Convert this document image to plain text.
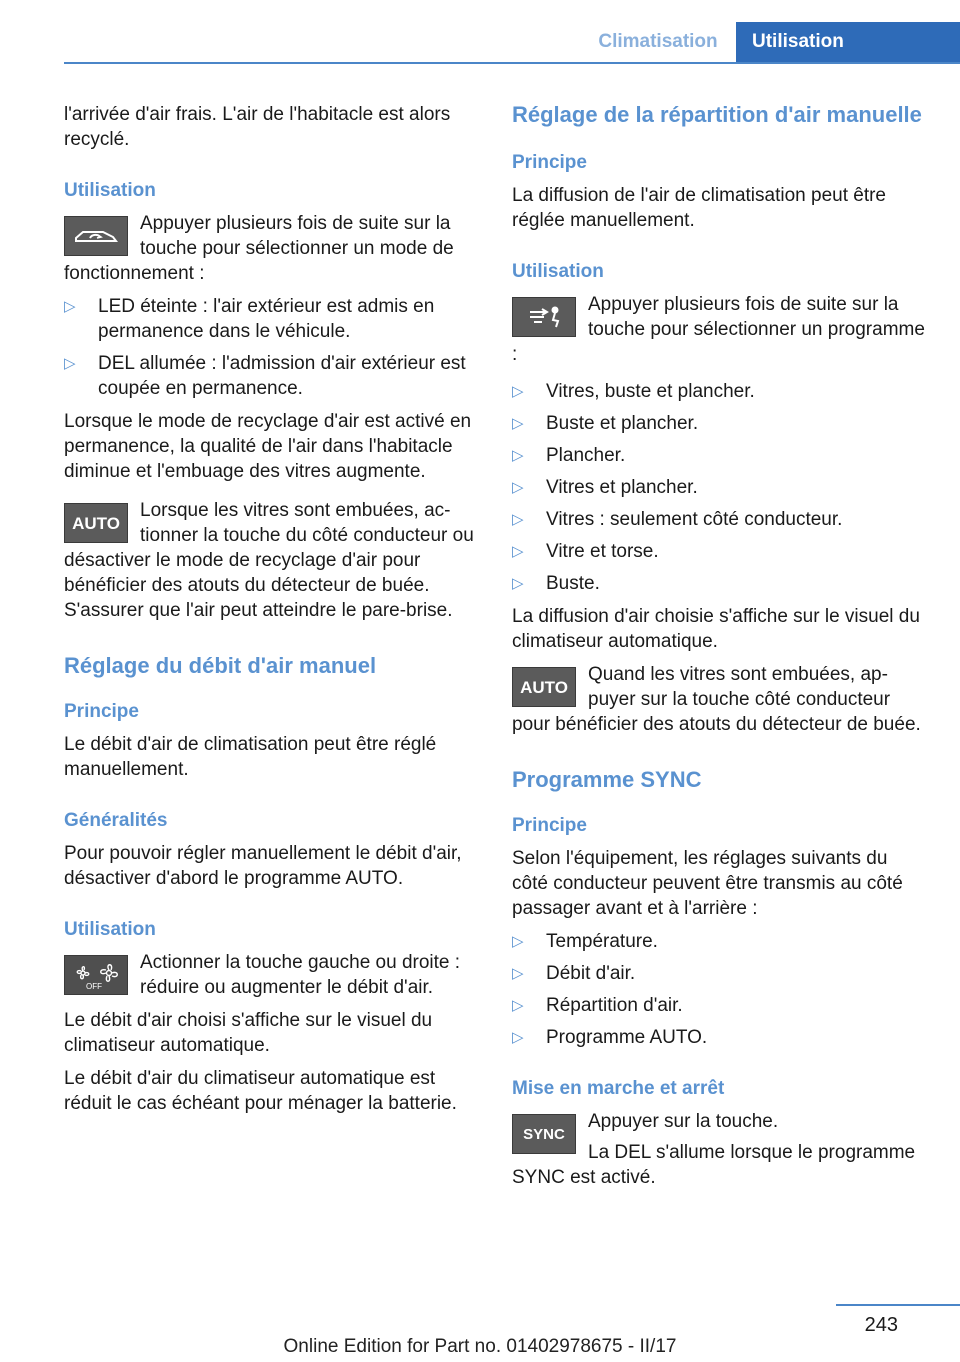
Climatisation	Utilisation

l'arrivée d'air frais. L'air de l'habitacle est alors recyclé.

Utilisation
Appuyer plusieurs fois de suite sur la touche pour sélectionner un mode de fonctionnement :
▷ LED éteinte : l'air extérieur est admis en permanence dans le véhicule.
▷ DEL allumée : l'admission d'air extérieur est coupée en permanence.

Lorsque le mode de recyclage d'air est activé en permanence, la qualité de l'air dans l'habitacle diminue et l'embuage des vitres augmente.

AUTO
Lorsque les vitres sont embuées, actionner la touche du côté conducteur ou désactiver le mode de recyclage d'air pour bénéficier des atouts du détecteur de buée. S'assurer que l'air peut atteindre le pare-brise.
Réglage du débit d'air manuel
Principe

Le débit d'air de climatisation peut être réglé manuellement.

Généralités

Pour pouvoir régler manuellement le débit d'air, désactiver d'abord le programme AUTO.

Utilisation
OFF
Actionner la touche gauche ou droite : réduire ou augmenter le débit d'air.

Le débit d'air choisi s'affiche sur le visuel du climatiseur automatique.

Le débit d'air du climatiseur automatique est réduit le cas échéant pour ménager la batterie.

Réglage de la répartition d'air manuelle
Principe

La diffusion de l'air de climatisation peut être réglée manuellement.

Utilisation
Appuyer plusieurs fois de suite sur la touche pour sélectionner un programme :
▷ Vitres, buste et plancher.
▷ Buste et plancher.
▷ Plancher.
▷ Vitres et plancher.
▷ Vitres : seulement côté conducteur.
▷ Vitre et torse.
▷ Buste.

La diffusion d'air choisie s'affiche sur le visuel du climatiseur automatique.

AUTO
Quand les vitres sont embuées, appuyer sur la touche côté conducteur pour bénéficier des atouts du détecteur de buée.
Programme SYNC
Principe

Selon l'équipement, les réglages suivants du côté conducteur peuvent être transmis au côté passager avant et à l'arrière :

▷ Température.
▷ Débit d'air.
▷ Répartition d'air.
▷ Programme AUTO.
Mise en marche et arrêt
SYNC
Appuyer sur la touche.
La DEL s'allume lorsque le programme SYNC est activé.
243
Online Edition for Part no. 01402978675 - II/17
